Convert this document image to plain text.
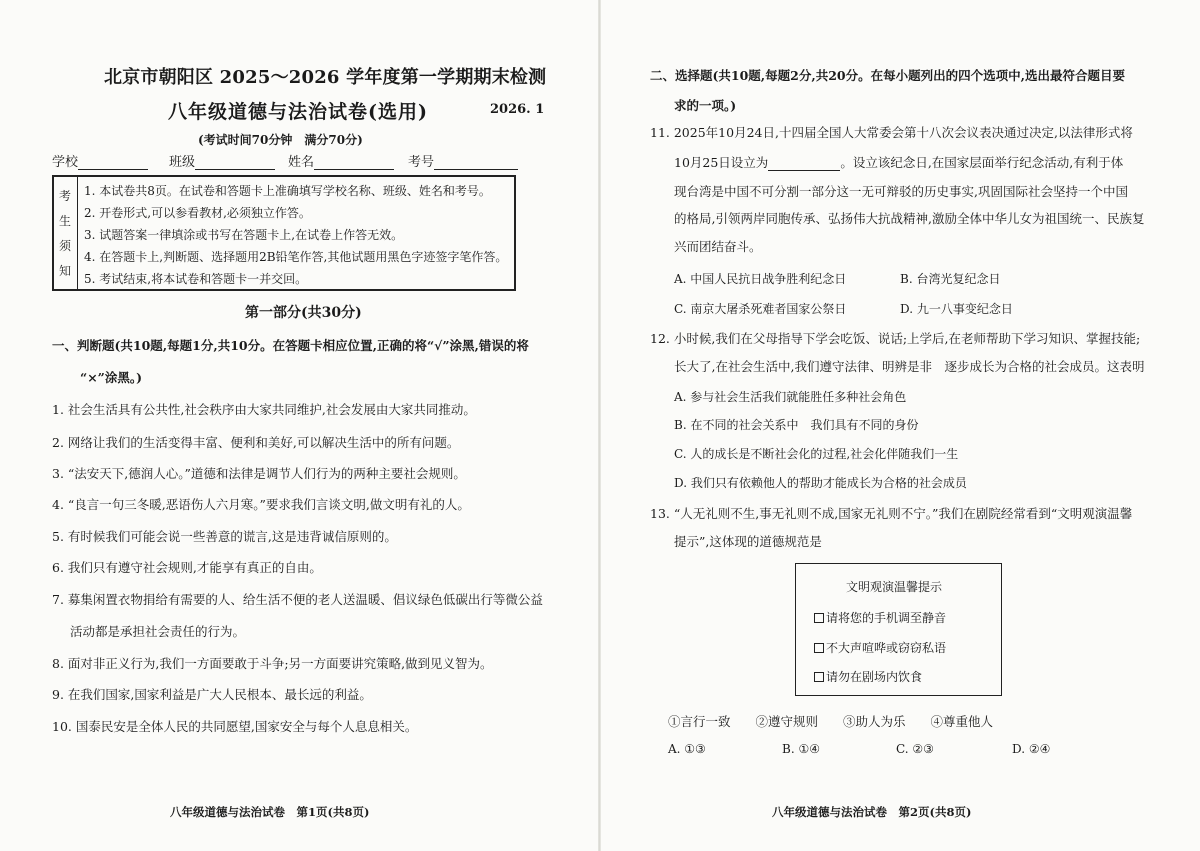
北京市朝阳区 2025～2026 学年度第一学期期末检测
八年级道德与法治试卷(选用)	2026. 1
(考试时间70分钟　满分70分)
学校	班级	姓名	考号
考
生
须
知
1. 本试卷共8页。在试卷和答题卡上准确填写学校名称、班级、姓名和考号。
2. 开卷形式,可以参看教材,必须独立作答。
3. 试题答案一律填涂或书写在答题卡上,在试卷上作答无效。
4. 在答题卡上,判断题、选择题用2B铅笔作答,其他试题用黑色字迹签字笔作答。
5. 考试结束,将本试卷和答题卡一并交回。
第一部分(共30分)
一、判断题(共10题,每题1分,共10分。在答题卡相应位置,正确的将“√”涂黑,错误的将
“×”涂黑。)
1. 社会生活具有公共性,社会秩序由大家共同维护,社会发展由大家共同推动。
2. 网络让我们的生活变得丰富、便利和美好,可以解决生活中的所有问题。
3. “法安天下,德润人心。”道德和法律是调节人们行为的两种主要社会规则。
4. “良言一句三冬暖,恶语伤人六月寒。”要求我们言谈文明,做文明有礼的人。
5. 有时候我们可能会说一些善意的谎言,这是违背诚信原则的。
6. 我们只有遵守社会规则,才能享有真正的自由。
7. 募集闲置衣物捐给有需要的人、给生活不便的老人送温暖、倡议绿色低碳出行等微公益
活动都是承担社会责任的行为。
8. 面对非正义行为,我们一方面要敢于斗争;另一方面要讲究策略,做到见义智为。
9. 在我们国家,国家利益是广大人民根本、最长远的利益。
10. 国泰民安是全体人民的共同愿望,国家安全与每个人息息相关。
八年级道德与法治试卷　第1页(共8页)
二、选择题(共10题,每题2分,共20分。在每小题列出的四个选项中,选出最符合题目要
求的一项。)
11. 2025年10月24日,十四届全国人大常委会第十八次会议表决通过决定,以法律形式将
10月25日设立为	。设立该纪念日,在国家层面举行纪念活动,有利于体
现台湾是中国不可分割一部分这一无可辩驳的历史事实,巩固国际社会坚持一个中国
的格局,引领两岸同胞传承、弘扬伟大抗战精神,激励全体中华儿女为祖国统一、民族复
兴而团结奋斗。
A. 中国人民抗日战争胜利纪念日	B. 台湾光复纪念日
C. 南京大屠杀死难者国家公祭日	D. 九一八事变纪念日
12. 小时候,我们在父母指导下学会吃饭、说话;上学后,在老师帮助下学习知识、掌握技能;
长大了,在社会生活中,我们遵守法律、明辨是非　逐步成长为合格的社会成员。这表明
A. 参与社会生活我们就能胜任多种社会角色
B. 在不同的社会关系中　我们具有不同的身份
C. 人的成长是不断社会化的过程,社会化伴随我们一生
D. 我们只有依赖他人的帮助才能成长为合格的社会成员
13. “人无礼则不生,事无礼则不成,国家无礼则不宁。”我们在剧院经常看到“文明观演温馨
提示”,这体现的道德规范是
①言行一致　　②遵守规则　　③助人为乐　　④尊重他人
A. ①③	B. ①④	C. ②③	D. ②④
八年级道德与法治试卷　第2页(共8页)
文明观演温馨提示
请将您的手机调至静音
不大声喧哗或窃窃私语
请勿在剧场内饮食
